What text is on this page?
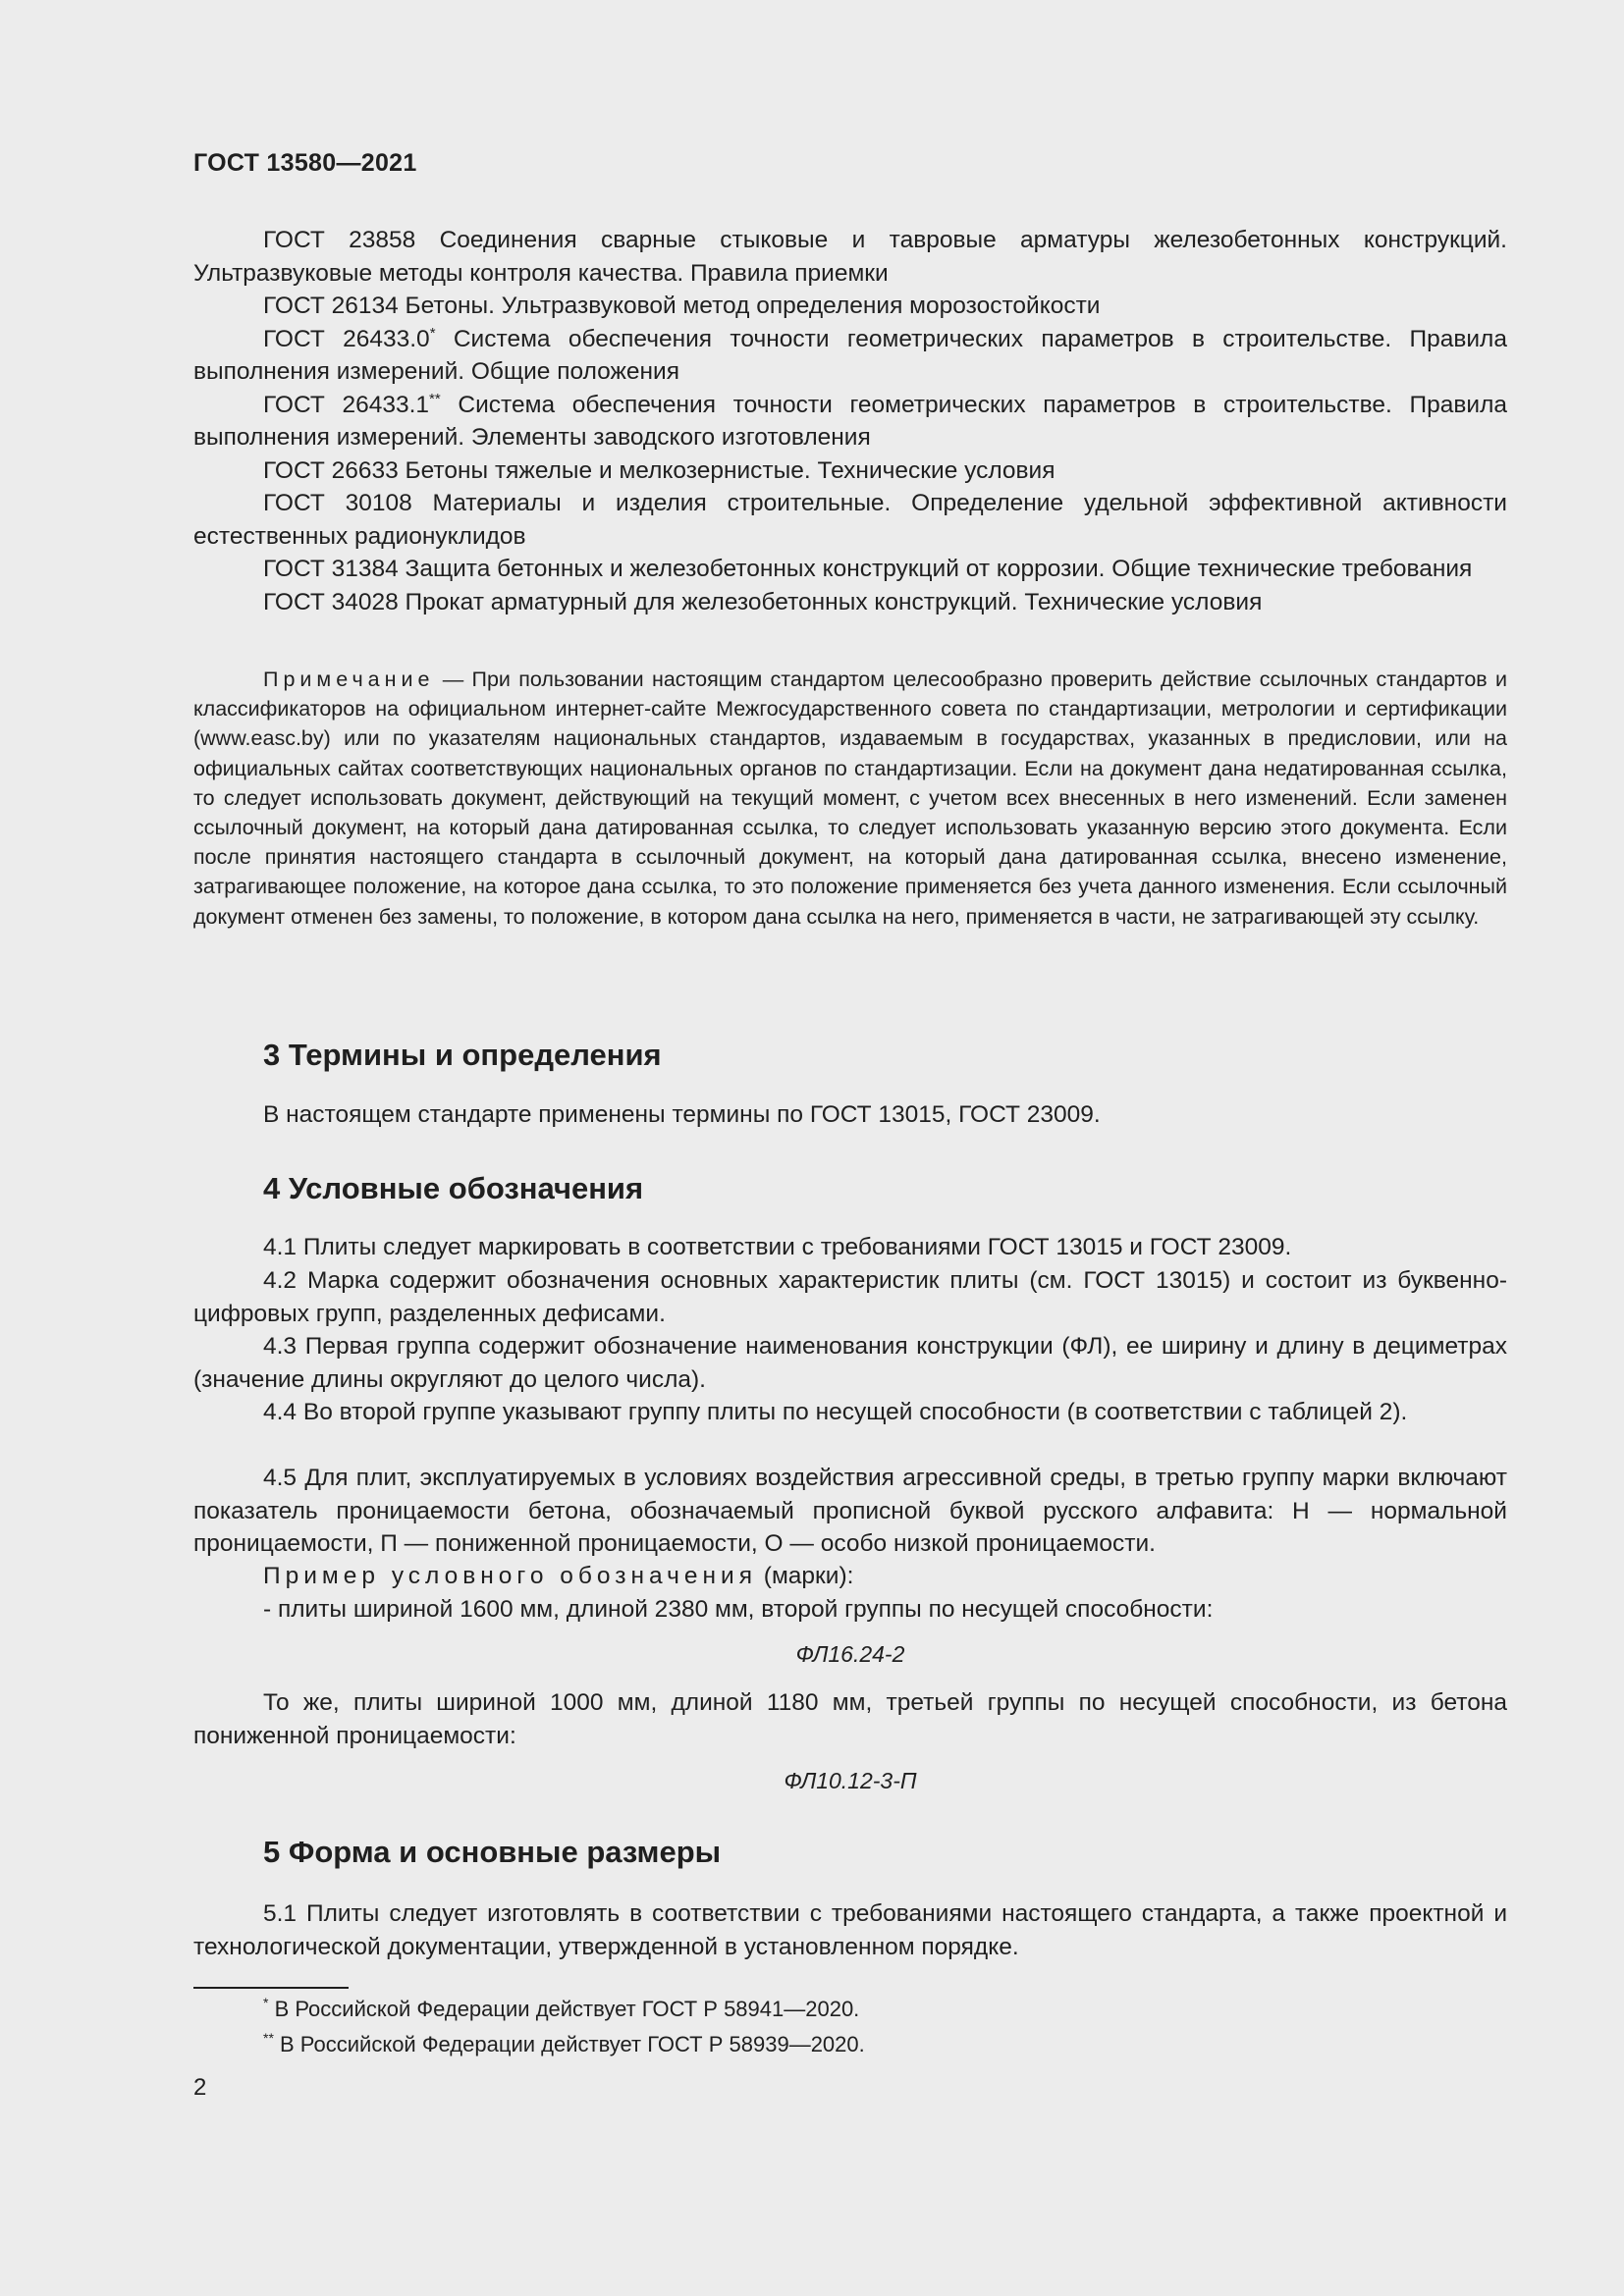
ГОСТ 13580—2021

ГОСТ 23858 Соединения сварные стыковые и тавровые арматуры железобетонных конструкций. Ультразвуковые методы контроля качества. Правила приемки

ГОСТ 26134 Бетоны. Ультразвуковой метод определения морозостойкости

ГОСТ 26433.0* Система обеспечения точности геометрических параметров в строительстве. Правила выполнения измерений. Общие положения

ГОСТ 26433.1** Система обеспечения точности геометрических параметров в строительстве. Правила выполнения измерений. Элементы заводского изготовления

ГОСТ 26633 Бетоны тяжелые и мелкозернистые. Технические условия

ГОСТ 30108 Материалы и изделия строительные. Определение удельной эффективной активности естественных радионуклидов

ГОСТ 31384 Защита бетонных и железобетонных конструкций от коррозии. Общие технические требования

ГОСТ 34028 Прокат арматурный для железобетонных конструкций. Технические условия

Примечание — При пользовании настоящим стандартом целесообразно проверить действие ссылочных стандартов и классификаторов на официальном интернет-сайте Межгосударственного совета по стандартизации, метрологии и сертификации (www.easc.by) или по указателям национальных стандартов, издаваемым в государствах, указанных в предисловии, или на официальных сайтах соответствующих национальных органов по стандартизации. Если на документ дана недатированная ссылка, то следует использовать документ, действующий на текущий момент, с учетом всех внесенных в него изменений. Если заменен ссылочный документ, на который дана датированная ссылка, то следует использовать указанную версию этого документа. Если после принятия настоящего стандарта в ссылочный документ, на который дана датированная ссылка, внесено изменение, затрагивающее положение, на которое дана ссылка, то это положение применяется без учета данного изменения. Если ссылочный документ отменен без замены, то положение, в котором дана ссылка на него, применяется в части, не затрагивающей эту ссылку.

3 Термины и определения

В настоящем стандарте применены термины по ГОСТ 13015, ГОСТ 23009.

4 Условные обозначения

4.1 Плиты следует маркировать в соответствии с требованиями ГОСТ 13015 и ГОСТ 23009.

4.2 Марка содержит обозначения основных характеристик плиты (см. ГОСТ 13015) и состоит из буквенно-цифровых групп, разделенных дефисами.

4.3 Первая группа содержит обозначение наименования конструкции (ФЛ), ее ширину и длину в дециметрах (значение длины округляют до целого числа).

4.4 Во второй группе указывают группу плиты по несущей способности (в соответствии с таблицей 2).

4.5 Для плит, эксплуатируемых в условиях воздействия агрессивной среды, в третью группу марки включают показатель проницаемости бетона, обозначаемый прописной буквой русского алфавита: Н — нормальной проницаемости, П — пониженной проницаемости, О — особо низкой проницаемости.

Пример условного обозначения (марки):

- плиты шириной 1600 мм, длиной 2380 мм, второй группы по несущей способности:

ФЛ16.24-2

То же, плиты шириной 1000 мм, длиной 1180 мм, третьей группы по несущей способности, из бетона пониженной проницаемости:

ФЛ10.12-3-П
5 Форма и основные размеры

5.1 Плиты следует изготовлять в соответствии с требованиями настоящего стандарта, а также проектной и технологической документации, утвержденной в установленном порядке.

* В Российской Федерации действует ГОСТ Р 58941—2020.
** В Российской Федерации действует ГОСТ Р 58939—2020.
2
